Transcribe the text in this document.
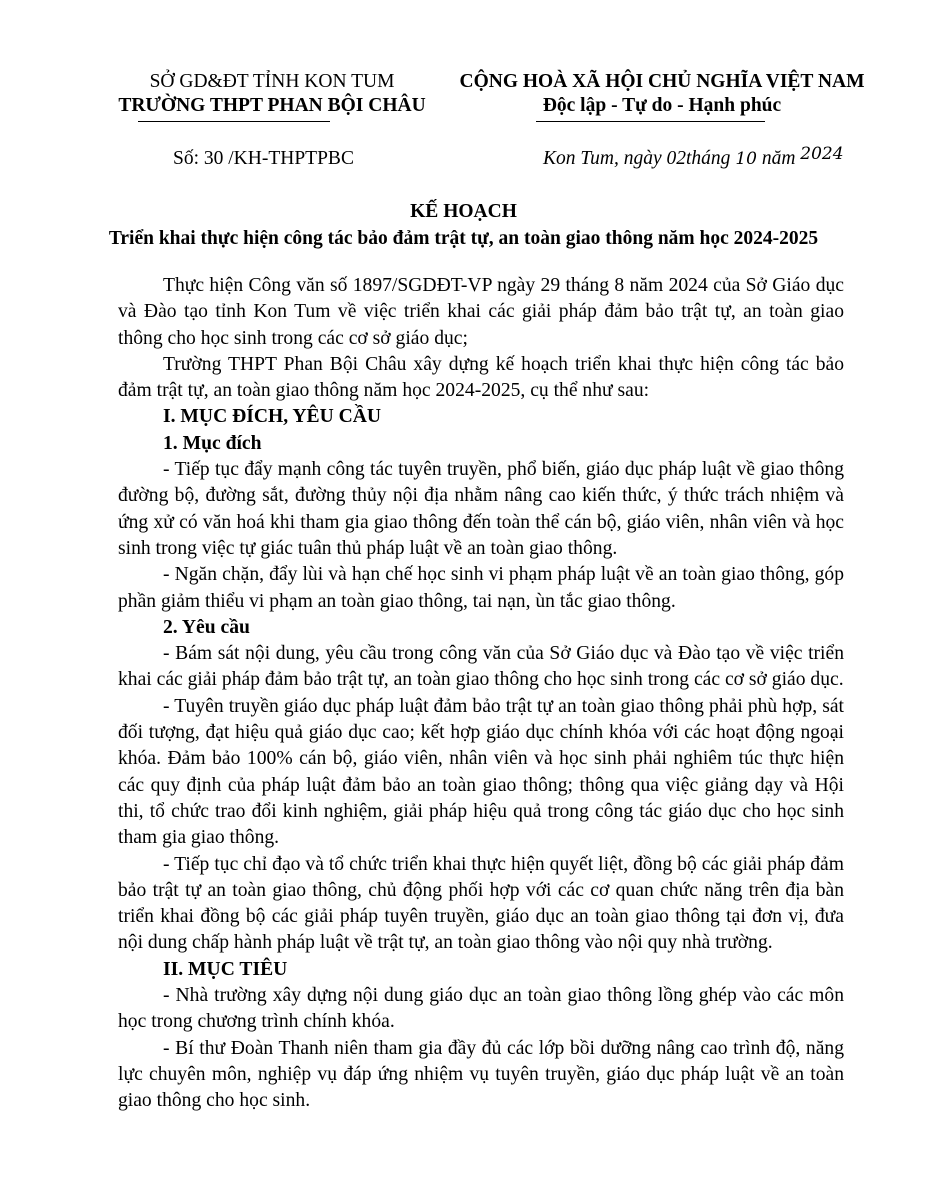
SỞ GD&ĐT TỈNH KON TUM
TRƯỜNG THPT PHAN BỘI CHÂU
CỘNG HOÀ XÃ HỘI CHỦ NGHĨA VIỆT NAM
Độc lập - Tự do - Hạnh phúc
Số: 30 /KH-THPTPBC	Kon Tum, ngày 02tháng 10 năm 2024
KẾ HOẠCH
Triển khai thực hiện công tác bảo đảm trật tự, an toàn giao thông năm học 2024-2025

Thực hiện Công văn số 1897/SGDĐT-VP ngày 29 tháng 8 năm 2024 của Sở Giáo dục và Đào tạo tỉnh Kon Tum về việc triển khai các giải pháp đảm bảo trật tự, an toàn giao thông cho học sinh trong các cơ sở giáo dục;

Trường THPT Phan Bội Châu xây dựng kế hoạch triển khai thực hiện công tác bảo đảm trật tự, an toàn giao thông năm học 2024-2025, cụ thể như sau:

I. MỤC ĐÍCH, YÊU CẦU

1. Mục đích

- Tiếp tục đẩy mạnh công tác tuyên truyền, phổ biến, giáo dục pháp luật về giao thông đường bộ, đường sắt, đường thủy nội địa nhằm nâng cao kiến thức, ý thức trách nhiệm và ứng xử có văn hoá khi tham gia giao thông đến toàn thể cán bộ, giáo viên, nhân viên và học sinh trong việc tự giác tuân thủ pháp luật về an toàn giao thông.

- Ngăn chặn, đẩy lùi và hạn chế học sinh vi phạm pháp luật về an toàn giao thông, góp phần giảm thiểu vi phạm an toàn giao thông, tai nạn, ùn tắc giao thông.

2. Yêu cầu

- Bám sát nội dung, yêu cầu trong công văn của Sở Giáo dục và Đào tạo về việc triển khai các giải pháp đảm bảo trật tự, an toàn giao thông cho học sinh trong các cơ sở giáo dục.

- Tuyên truyền giáo dục pháp luật đảm bảo trật tự an toàn giao thông phải phù hợp, sát đối tượng, đạt hiệu quả giáo dục cao; kết hợp giáo dục chính khóa với các hoạt động ngoại khóa. Đảm bảo 100% cán bộ, giáo viên, nhân viên và học sinh phải nghiêm túc thực hiện các quy định của pháp luật đảm bảo an toàn giao thông; thông qua việc giảng dạy và Hội thi, tổ chức trao đổi kinh nghiệm, giải pháp hiệu quả trong công tác giáo dục cho học sinh tham gia giao thông.

- Tiếp tục chỉ đạo và tổ chức triển khai thực hiện quyết liệt, đồng bộ các giải pháp đảm bảo trật tự an toàn giao thông, chủ động phối hợp với các cơ quan chức năng trên địa bàn triển khai đồng bộ các giải pháp tuyên truyền, giáo dục an toàn giao thông tại đơn vị, đưa nội dung chấp hành pháp luật về trật tự, an toàn giao thông vào nội quy nhà trường.

II. MỤC TIÊU

- Nhà trường xây dựng nội dung giáo dục an toàn giao thông lồng ghép vào các môn học trong chương trình chính khóa.

- Bí thư Đoàn Thanh niên tham gia đầy đủ các lớp bồi dưỡng nâng cao trình độ, năng lực chuyên môn, nghiệp vụ đáp ứng nhiệm vụ tuyên truyền, giáo dục pháp luật về an toàn giao thông cho học sinh.
